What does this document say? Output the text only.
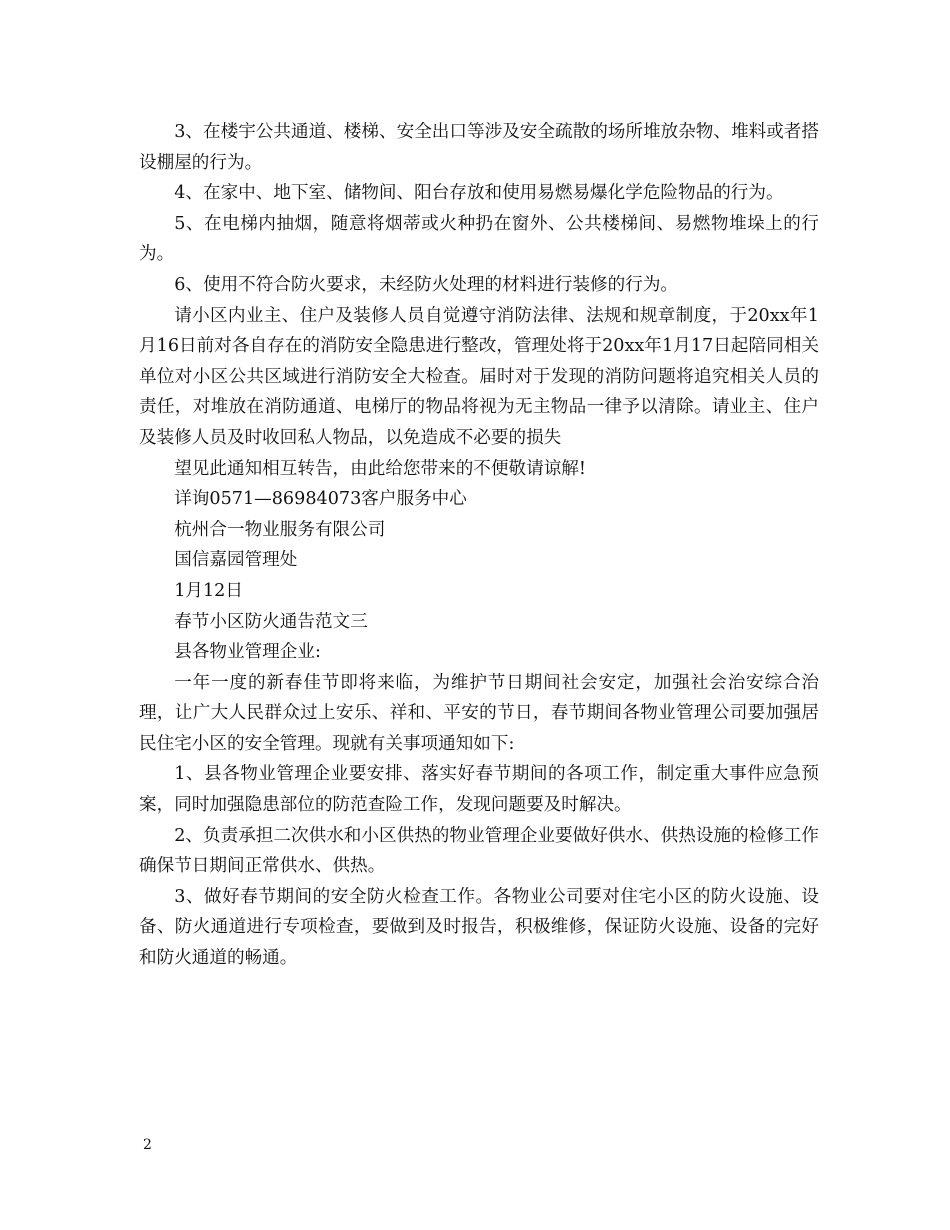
3、在楼宇公共通道、楼梯、安全出口等涉及安全疏散的场所堆放杂物、堆料或者搭设棚屋的行为。

4、在家中、地下室、储物间、阳台存放和使用易燃易爆化学危险物品的行为。

5、在电梯内抽烟，随意将烟蒂或火种扔在窗外、公共楼梯间、易燃物堆垛上的行为。

6、使用不符合防火要求，未经防火处理的材料进行装修的行为。

请小区内业主、住户及装修人员自觉遵守消防法律、法规和规章制度，于20xx年1月16日前对各自存在的消防安全隐患进行整改，管理处将于20xx年1月17日起陪同相关单位对小区公共区域进行消防安全大检查。届时对于发现的消防问题将追究相关人员的责任，对堆放在消防通道、电梯厅的物品将视为无主物品一律予以清除。请业主、住户及装修人员及时收回私人物品，以免造成不必要的损失

望见此通知相互转告，由此给您带来的不便敬请谅解!

详询0571—86984073客户服务中心

杭州合一物业服务有限公司

国信嘉园管理处

1月12日

春节小区防火通告范文三

县各物业管理企业:

一年一度的新春佳节即将来临，为维护节日期间社会安定，加强社会治安综合治理，让广大人民群众过上安乐、祥和、平安的节日，春节期间各物业管理公司要加强居民住宅小区的安全管理。现就有关事项通知如下:

1、县各物业管理企业要安排、落实好春节期间的各项工作，制定重大事件应急预案，同时加强隐患部位的防范查险工作，发现问题要及时解决。

2、负责承担二次供水和小区供热的物业管理企业要做好供水、供热设施的检修工作确保节日期间正常供水、供热。

3、做好春节期间的安全防火检查工作。各物业公司要对住宅小区的防火设施、设备、防火通道进行专项检查，要做到及时报告，积极维修，保证防火设施、设备的完好和防火通道的畅通。

2
